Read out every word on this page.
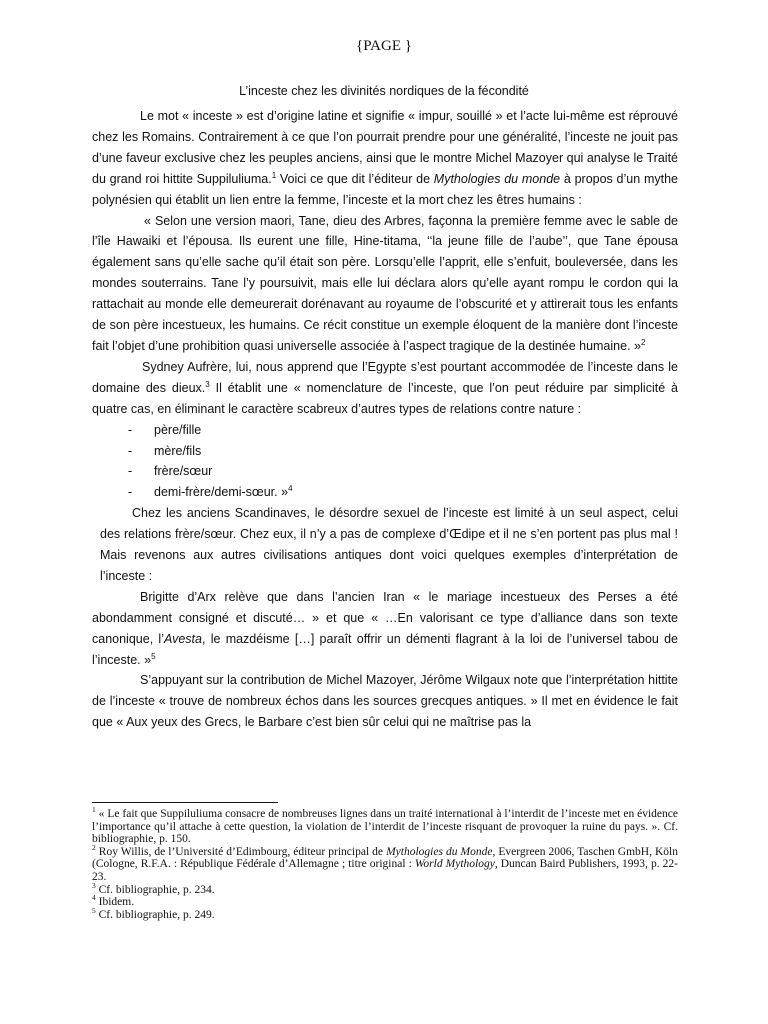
{PAGE }
L’inceste chez les divinités nordiques de la fécondité

Le mot « inceste » est d’origine latine et signifie « impur, souillé » et l’acte lui-même est réprouvé chez les Romains. Contrairement à ce que l’on pourrait prendre pour une généralité, l’inceste ne jouit pas d’une faveur exclusive chez les peuples anciens, ainsi que le montre Michel Mazoyer qui analyse le Traité du grand roi hittite Suppiluliuma.$^1$ Voici ce que dit l’éditeur de Mythologies du monde à propos d’un mythe polynésien qui établit un lien entre la femme, l’inceste et la mort chez les êtres humains :

« Selon une version maori, Tane, dieu des Arbres, façonna la première femme avec le sable de l’île Hawaiki et l’épousa. Ils eurent une fille, Hine-titama, ‘‘la jeune fille de l’aube’’, que Tane épousa également sans qu’elle sache qu’il était son père. Lorsqu’elle l’apprit, elle s’enfuit, bouleversée, dans les mondes souterrains. Tane l’y poursuivit, mais elle lui déclara alors qu’elle ayant rompu le cordon qui la rattachait au monde elle demeurerait dorénavant au royaume de l’obscurité et y attirerait tous les enfants de son père incestueux, les humains. Ce récit constitue un exemple éloquent de la manière dont l’inceste fait l’objet d’une prohibition quasi universelle associée à l’aspect tragique de la destinée humaine. »$^2$

Sydney Aufrère, lui, nous apprend que l’Egypte s’est pourtant accommodée de l’inceste dans le domaine des dieux.$^3$ Il établit une « nomenclature de l’inceste, que l’on peut réduire par simplicité à quatre cas, en éliminant le caractère scabreux d’autres types de relations contre nature :

- père/fille
- mère/fils
- frère/sœur
- demi-frère/demi-sœur. »$^4$

Chez les anciens Scandinaves, le désordre sexuel de l’inceste est limité à un seul aspect, celui des relations frère/sœur. Chez eux, il n’y a pas de complexe d’Œdipe et il ne s’en portent pas plus mal ! Mais revenons aux autres civilisations antiques dont voici quelques exemples d’interprétation de l’inceste :

Brigitte d’Arx relève que dans l’ancien Iran « le mariage incestueux des Perses a été abondamment consigné et discuté… » et que « …En valorisant ce type d’alliance dans son texte canonique, l’Avesta, le mazdéisme […] paraît offrir un démenti flagrant à la loi de l’universel tabou de l’inceste. »$^5$

S’appuyant sur la contribution de Michel Mazoyer, Jérôme Wilgaux note que l’interprétation hittite de l’inceste « trouve de nombreux échos dans les sources grecques antiques. » Il met en évidence le fait que « Aux yeux des Grecs, le Barbare c’est bien sûr celui qui ne maîtrise pas la

$^1$ « Le fait que Suppiluliuma consacre de nombreuses lignes dans un traité international à l’interdit de l’inceste met en évidence l’importance qu’il attache à cette question, la violation de l’interdit de l’inceste risquant de provoquer la ruine du pays. ». Cf. bibliographie, p. 150.

$^2$ Roy Willis, de l’Université d’Edimbourg, éditeur principal de Mythologies du Monde, Evergreen 2006, Taschen GmbH, Köln (Cologne, R.F.A. : République Fédérale d’Allemagne ; titre original : World Mythology, Duncan Baird Publishers, 1993, p. 22-23.

$^3$ Cf. bibliographie, p. 234.

$^4$ Ibidem.

$^5$ Cf. bibliographie, p. 249.
